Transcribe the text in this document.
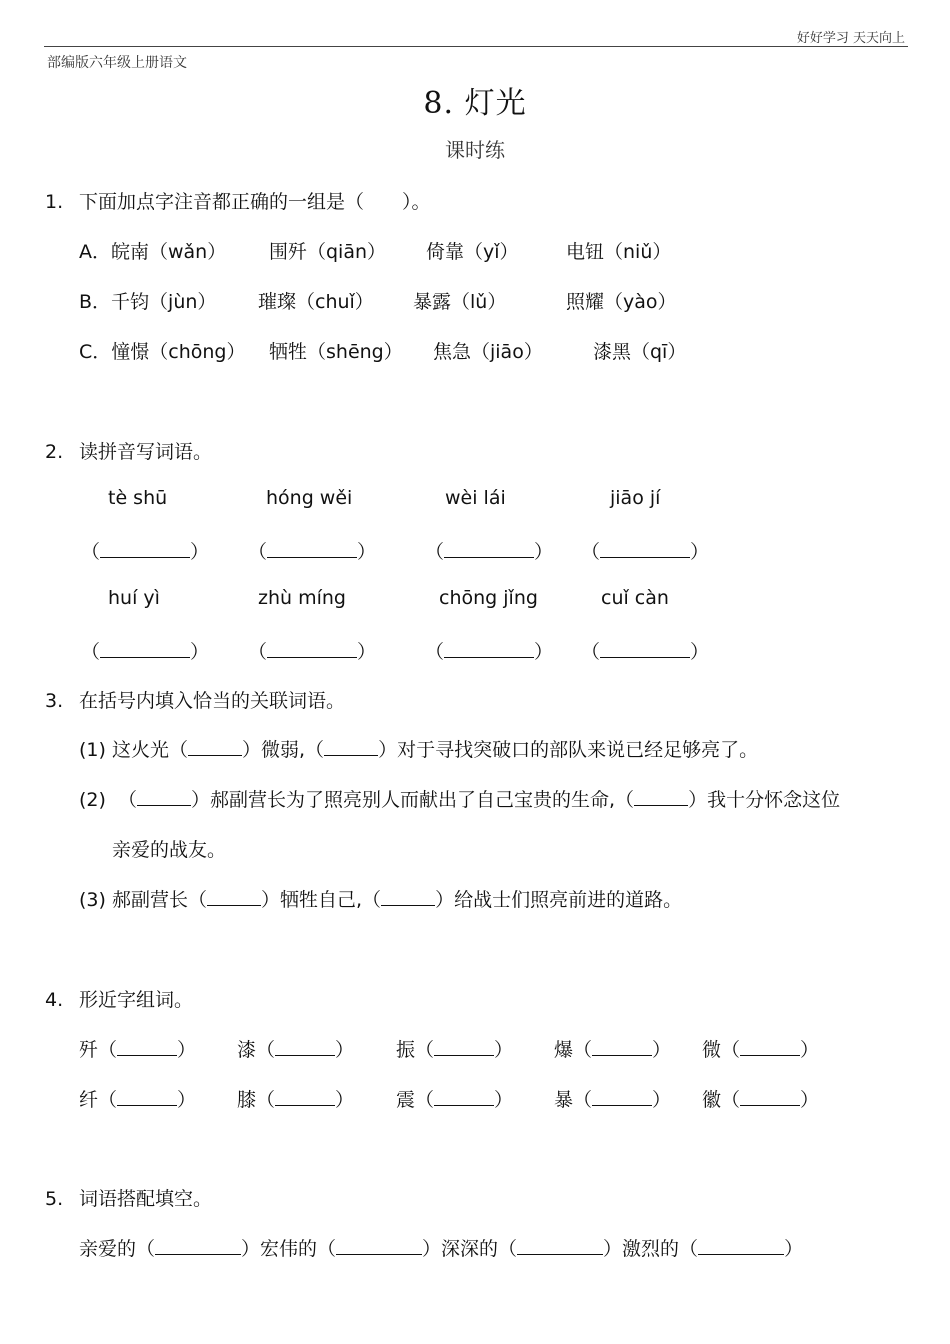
好好学习 天天向上
部编版六年级上册语文
8. 灯光
课时练
1. 下面加点字注音都正确的一组是（　　）。
A．皖南（wǎn） 围歼（qiān） 倚靠（yǐ） 电钮（niǔ）
B．千钧（jùn） 璀璨（chuǐ） 暴露（lǔ）	照耀（yào）
C．憧憬（chōng） 牺牲（shēng） 焦急（jiāo）	漆黑（qī）
2. 读拼音写词语。
tè shū	hóng wěi	wèi lái	jiāo jí
（	） （	）	（	） （	）
huí yì	zhù míng	chōng jǐng	cuǐ càn
（	） （	）	（	） （	）
3. 在括号内填入恰当的关联词语。
(1) 这火光（	）微弱,（	）对于寻找突破口的部队来说已经足够亮了。
(2) （	）郝副营长为了照亮别人而献出了自己宝贵的生命,（	）我十分怀念这位
亲爱的战友。
(3) 郝副营长（	）牺牲自己,（	）给战士们照亮前进的道路。
4. 形近字组词。
歼（	） 漆（	） 振（	） 爆（	） 微（	）
纤（	） 膝（	） 震（	） 暴（	） 徽（	）
5. 词语搭配填空。
亲爱的（	）宏伟的（	）深深的（	）激烈的（	）
